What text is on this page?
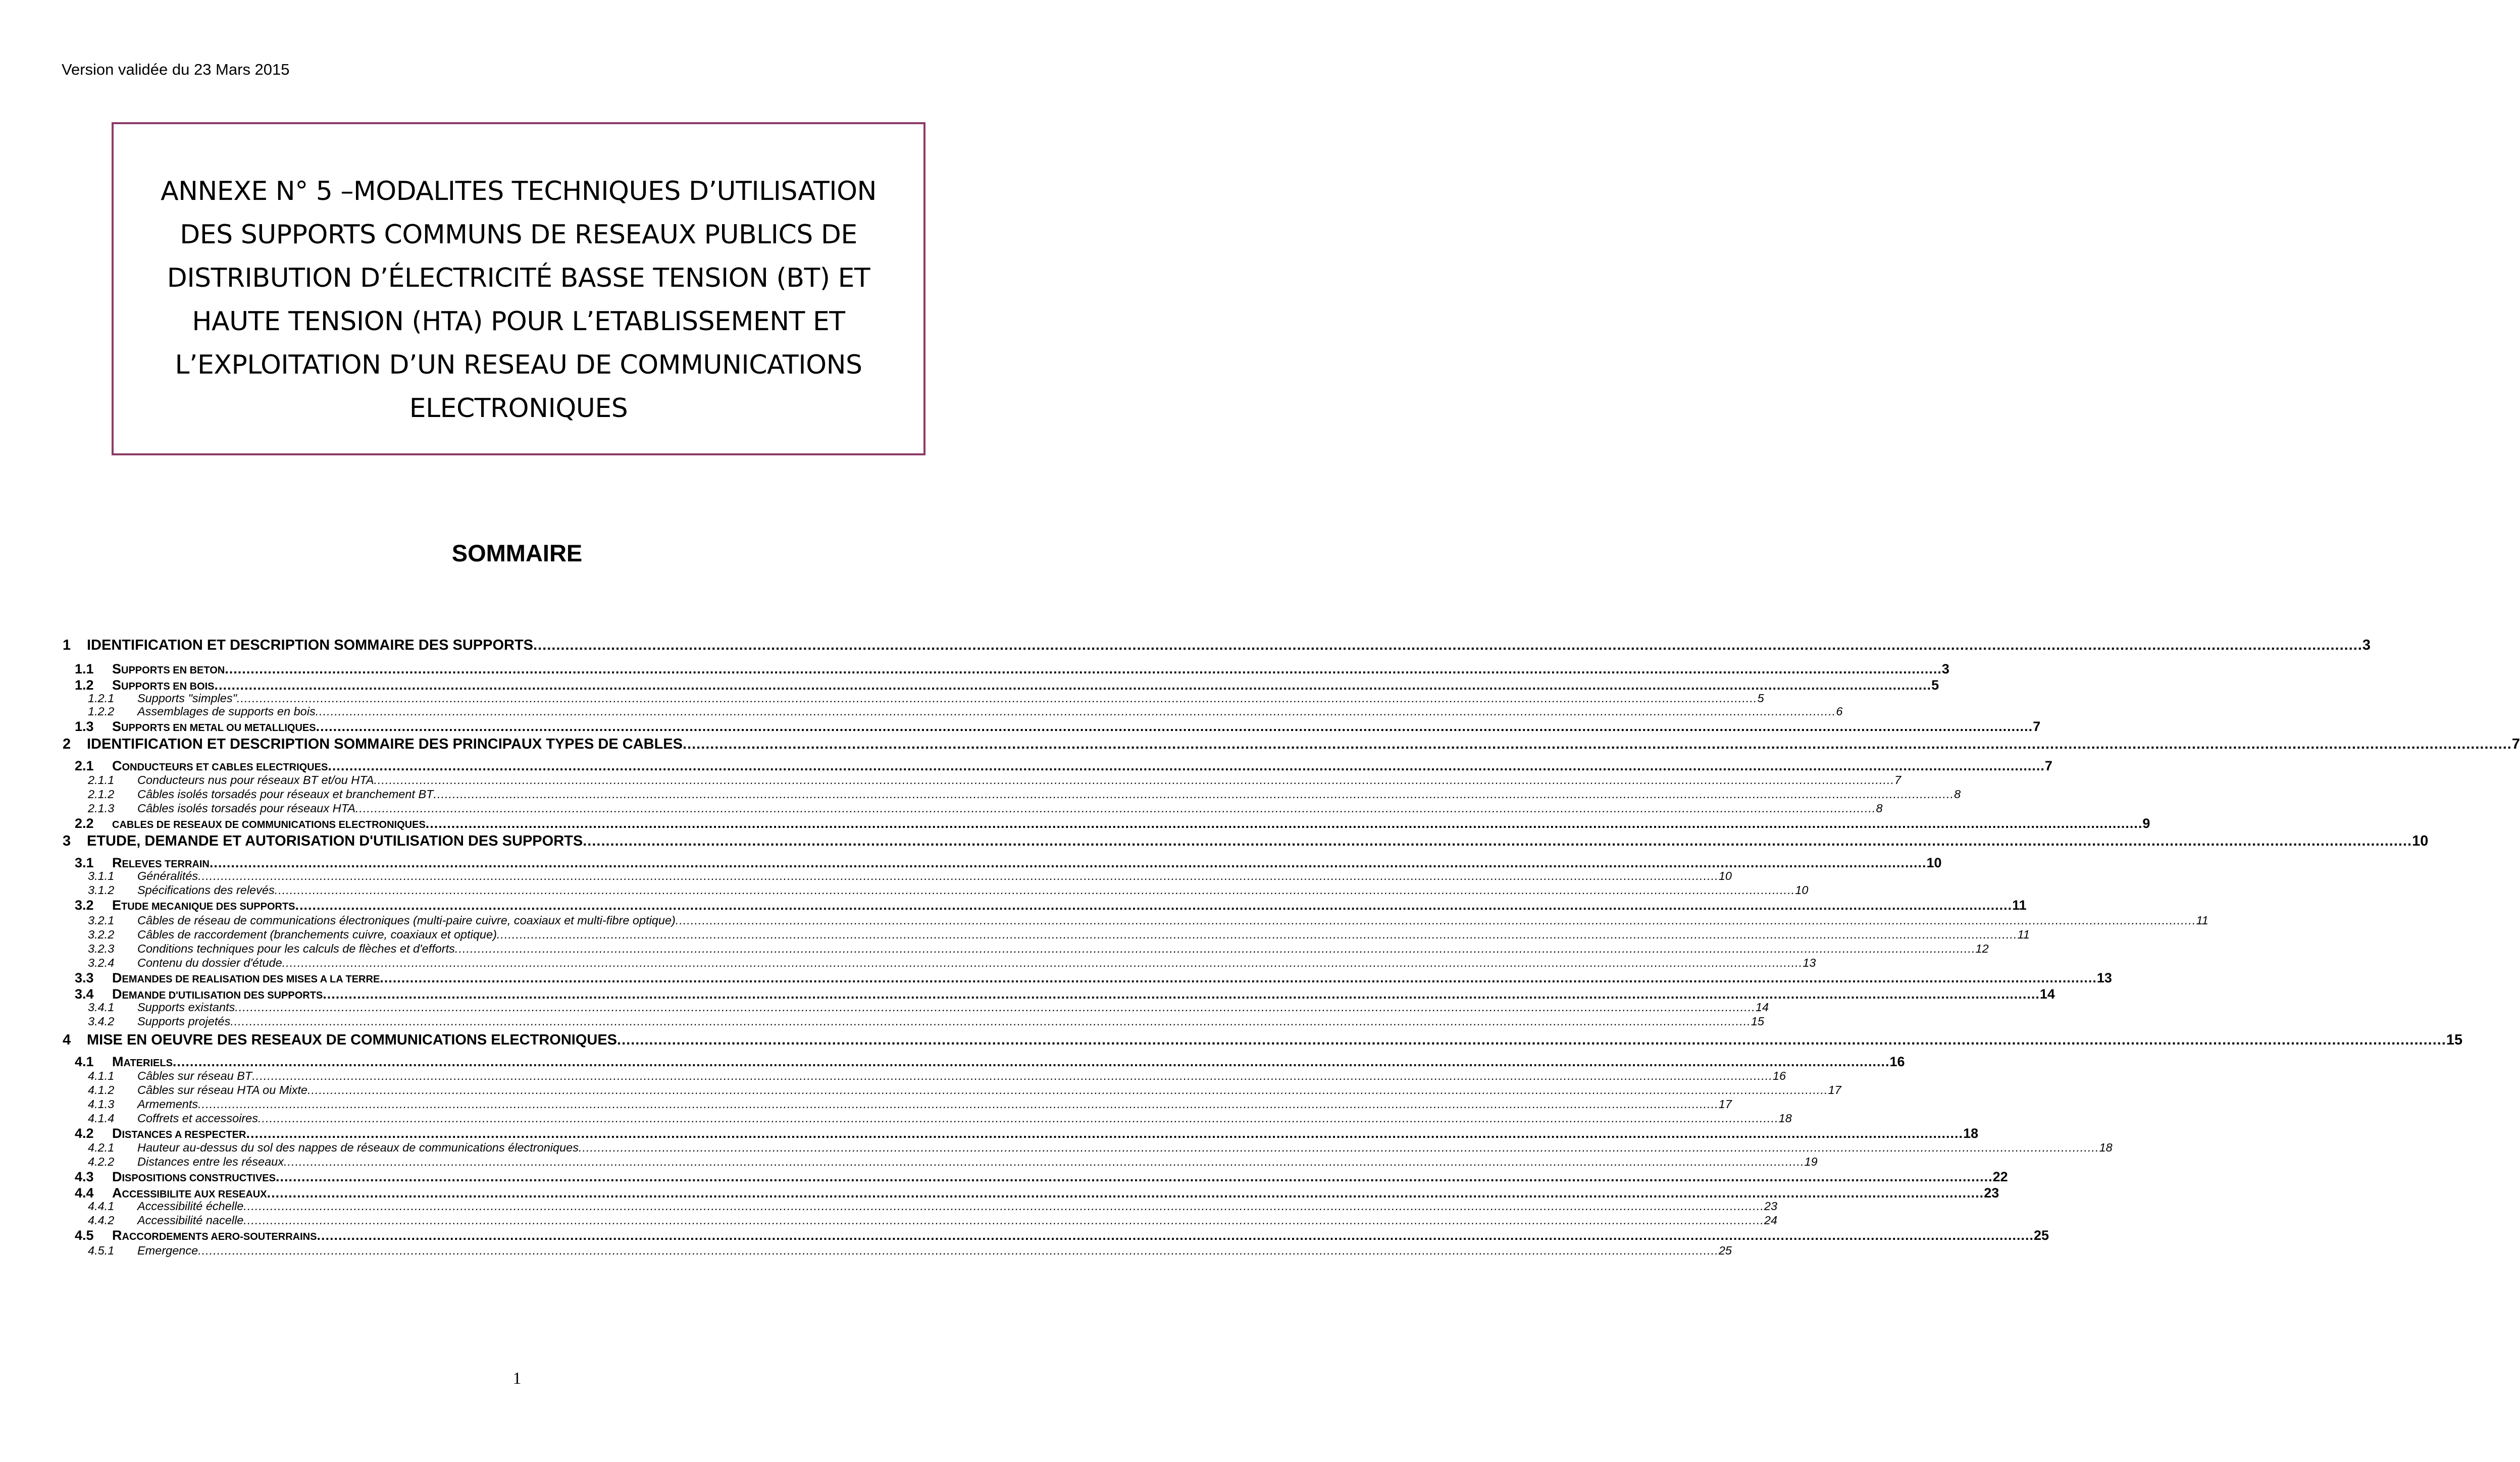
Version validée du 23 Mars 2015
ANNEXE N° 5 –MODALITES TECHNIQUES D’UTILISATION
DES SUPPORTS COMMUNS DE RESEAUX PUBLICS DE
DISTRIBUTION D’ÉLECTRICITÉ BASSE TENSION (BT) ET
HAUTE TENSION (HTA) POUR L’ETABLISSEMENT ET
L’EXPLOITATION D’UN RESEAU DE COMMUNICATIONS
ELECTRONIQUES
SOMMAIRE
1	IDENTIFICATION ET DESCRIPTION SOMMAIRE DES SUPPORTS ................................................................................................................................................................................................................................................................................................................................................................................................................ 3
1.1	SUPPORTS EN BETON ................................................................................................................................................................................................................................................................................................................................................................................................................ 3
1.2	SUPPORTS EN BOIS ................................................................................................................................................................................................................................................................................................................................................................................................................ 5
1.2.1	Supports "simples" ................................................................................................................................................................................................................................................................................................................................................................................................................ 5
1.2.2	Assemblages de supports en bois ................................................................................................................................................................................................................................................................................................................................................................................................................ 6
1.3	SUPPORTS EN METAL OU METALLIQUES ................................................................................................................................................................................................................................................................................................................................................................................................................ 7
2	IDENTIFICATION ET DESCRIPTION SOMMAIRE DES PRINCIPAUX TYPES DE CABLES ................................................................................................................................................................................................................................................................................................................................................................................................................ 7
2.1	CONDUCTEURS ET CABLES ELECTRIQUES ................................................................................................................................................................................................................................................................................................................................................................................................................ 7
2.1.1	Conducteurs nus pour réseaux BT et/ou HTA ................................................................................................................................................................................................................................................................................................................................................................................................................ 7
2.1.2	Câbles isolés torsadés pour réseaux et branchement BT ................................................................................................................................................................................................................................................................................................................................................................................................................ 8
2.1.3	Câbles isolés torsadés pour réseaux HTA ................................................................................................................................................................................................................................................................................................................................................................................................................ 8
2.2	CABLES DE RESEAUX DE COMMUNICATIONS ELECTRONIQUES ................................................................................................................................................................................................................................................................................................................................................................................................................ 9
3	ETUDE, DEMANDE ET AUTORISATION D'UTILISATION DES SUPPORTS ................................................................................................................................................................................................................................................................................................................................................................................................................ 10
3.1	RELEVES TERRAIN ................................................................................................................................................................................................................................................................................................................................................................................................................ 10
3.1.1	Généralités ................................................................................................................................................................................................................................................................................................................................................................................................................ 10
3.1.2	Spécifications des relevés ................................................................................................................................................................................................................................................................................................................................................................................................................ 10
3.2	ETUDE MECANIQUE DES SUPPORTS ................................................................................................................................................................................................................................................................................................................................................................................................................ 11
3.2.1	Câbles de réseau de communications électroniques (multi-paire cuivre, coaxiaux et multi-fibre optique) ................................................................................................................................................................................................................................................................................................................................................................................................................ 11
3.2.2	Câbles de raccordement (branchements cuivre, coaxiaux et optique) ................................................................................................................................................................................................................................................................................................................................................................................................................ 11
3.2.3	Conditions techniques pour les calculs de flèches et d'efforts ................................................................................................................................................................................................................................................................................................................................................................................................................ 12
3.2.4	Contenu du dossier d'étude ................................................................................................................................................................................................................................................................................................................................................................................................................ 13
3.3	DEMANDES DE REALISATION DES MISES A LA TERRE ................................................................................................................................................................................................................................................................................................................................................................................................................ 13
3.4	DEMANDE D'UTILISATION DES SUPPORTS ................................................................................................................................................................................................................................................................................................................................................................................................................ 14
3.4.1	Supports existants ................................................................................................................................................................................................................................................................................................................................................................................................................ 14
3.4.2	Supports projetés ................................................................................................................................................................................................................................................................................................................................................................................................................ 15
4	MISE EN OEUVRE DES RESEAUX DE COMMUNICATIONS ELECTRONIQUES ................................................................................................................................................................................................................................................................................................................................................................................................................ 15
4.1	MATERIELS ................................................................................................................................................................................................................................................................................................................................................................................................................ 16
4.1.1	Câbles sur réseau BT ................................................................................................................................................................................................................................................................................................................................................................................................................ 16
4.1.2	Câbles sur réseau HTA ou Mixte ................................................................................................................................................................................................................................................................................................................................................................................................................ 17
4.1.3	Armements ................................................................................................................................................................................................................................................................................................................................................................................................................ 17
4.1.4	Coffrets et accessoires ................................................................................................................................................................................................................................................................................................................................................................................................................ 18
4.2	DISTANCES A RESPECTER ................................................................................................................................................................................................................................................................................................................................................................................................................ 18
4.2.1	Hauteur au-dessus du sol des nappes de réseaux de communications électroniques ................................................................................................................................................................................................................................................................................................................................................................................................................ 18
4.2.2	Distances entre les réseaux ................................................................................................................................................................................................................................................................................................................................................................................................................ 19
4.3	DISPOSITIONS CONSTRUCTIVES ................................................................................................................................................................................................................................................................................................................................................................................................................ 22
4.4	ACCESSIBILITE AUX RESEAUX ................................................................................................................................................................................................................................................................................................................................................................................................................ 23
4.4.1	Accessibilité échelle ................................................................................................................................................................................................................................................................................................................................................................................................................ 23
4.4.2	Accessibilité nacelle ................................................................................................................................................................................................................................................................................................................................................................................................................ 24
4.5	RACCORDEMENTS AERO-SOUTERRAINS ................................................................................................................................................................................................................................................................................................................................................................................................................ 25
4.5.1	Emergence ................................................................................................................................................................................................................................................................................................................................................................................................................ 25
1
